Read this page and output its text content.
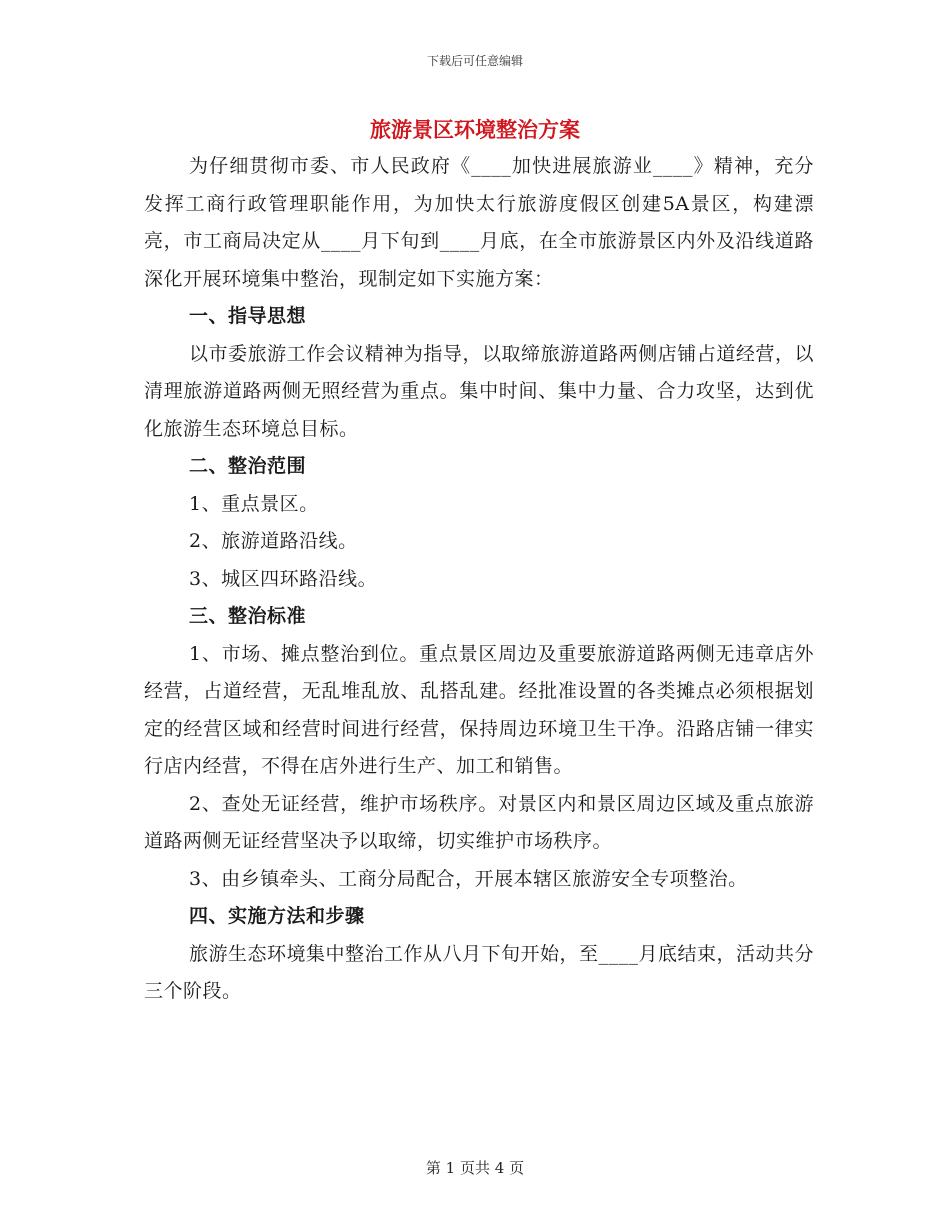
下载后可任意编辑
旅游景区环境整治方案

为仔细贯彻市委、市人民政府《____加快进展旅游业____》精神，充分发挥工商行政管理职能作用，为加快太行旅游度假区创建5A景区，构建漂亮，市工商局决定从____月下旬到____月底，在全市旅游景区内外及沿线道路深化开展环境集中整治，现制定如下实施方案：

一、指导思想

以市委旅游工作会议精神为指导，以取缔旅游道路两侧店铺占道经营，以清理旅游道路两侧无照经营为重点。集中时间、集中力量、合力攻坚，达到优化旅游生态环境总目标。

二、整治范围

1、重点景区。

2、旅游道路沿线。

3、城区四环路沿线。

三、整治标准

1、市场、摊点整治到位。重点景区周边及重要旅游道路两侧无违章店外经营，占道经营，无乱堆乱放、乱搭乱建。经批准设置的各类摊点必须根据划定的经营区域和经营时间进行经营，保持周边环境卫生干净。沿路店铺一律实行店内经营，不得在店外进行生产、加工和销售。

2、查处无证经营，维护市场秩序。对景区内和景区周边区域及重点旅游道路两侧无证经营坚决予以取缔，切实维护市场秩序。

3、由乡镇牵头、工商分局配合，开展本辖区旅游安全专项整治。

四、实施方法和步骤

旅游生态环境集中整治工作从八月下旬开始，至____月底结束，活动共分三个阶段。

第 1 页共 4 页
